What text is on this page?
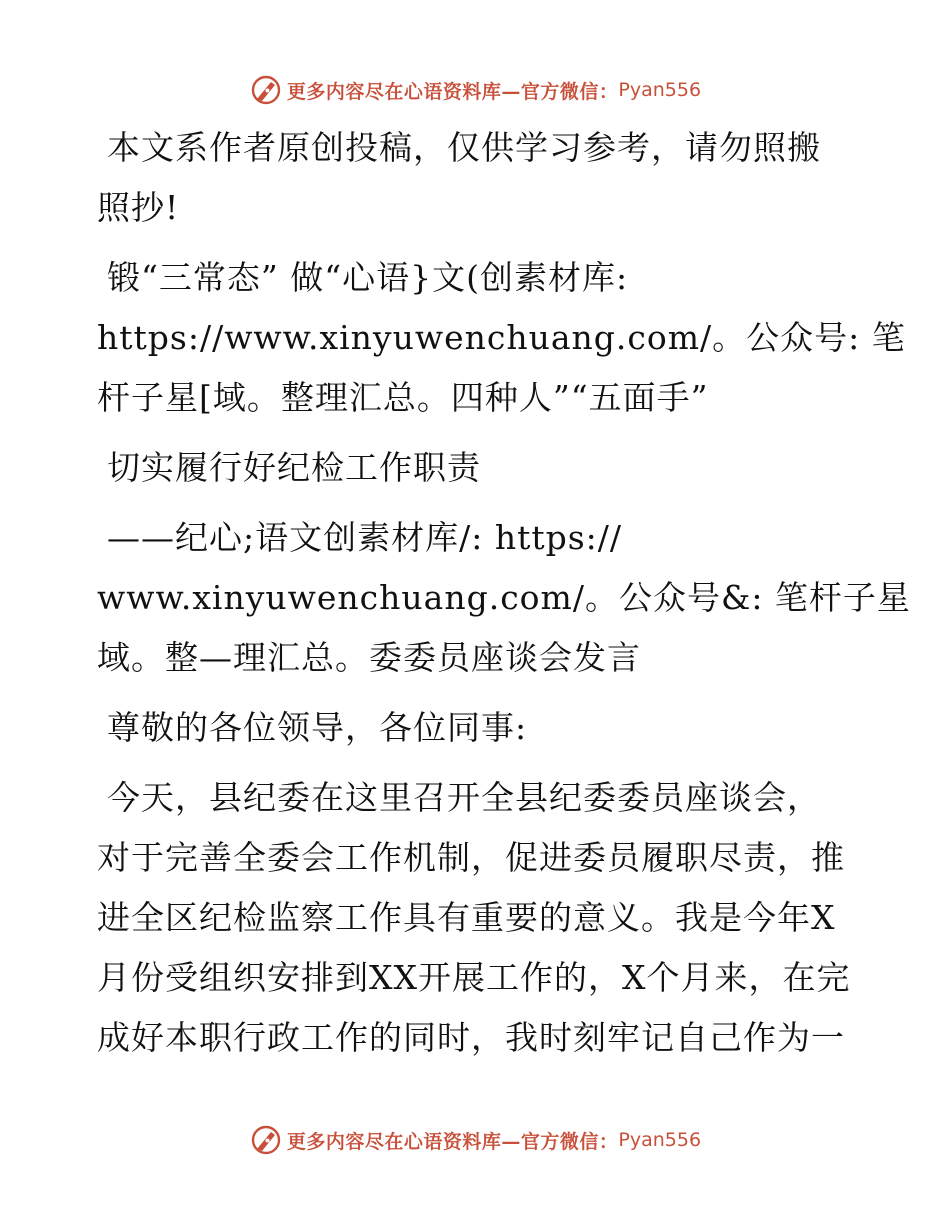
更多内容尽在心语资料库—官方微信： Pyan556
本文系作者原创投稿，仅供学习参考，请勿照搬
照抄!
锻“三常态” 做“心语}文(创素材库:
https://www.xinyuwenchuang.com/。公众号: 笔
杆子星[域。整理汇总。四种人”“五面手”
切实履行好纪检工作职责
——纪心;语文创素材库/: https://
www.xinyuwenchuang.com/。公众号&: 笔杆子星
域。整—理汇总。委委员座谈会发言
尊敬的各位领导，各位同事:
今天，县纪委在这里召开全县纪委委员座谈会，
对于完善全委会工作机制，促进委员履职尽责，推
进全区纪检监察工作具有重要的意义。我是今年X
月份受组织安排到XX开展工作的，X个月来，在完
成好本职行政工作的同时，我时刻牢记自己作为一
更多内容尽在心语资料库—官方微信： Pyan556
